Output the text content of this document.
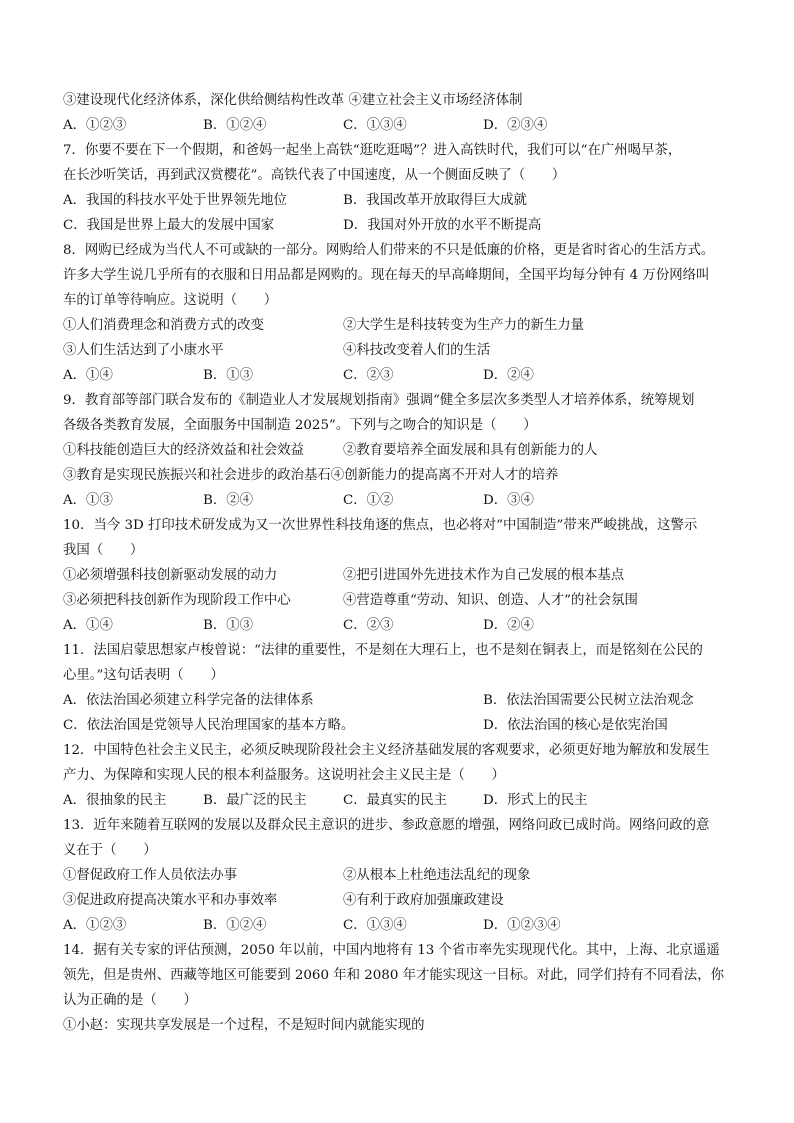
③建设现代化经济体系，深化供给侧结构性改革 ④建立社会主义市场经济体制
A．①②③	B．①②④	C．①③④	D．②③④
7．你要不要在下一个假期，和爸妈一起坐上高铁“逛吃逛喝”？进入高铁时代，我们可以“在广州喝早茶，
在长沙听笑话，再到武汉赏樱花”。高铁代表了中国速度，从一个侧面反映了（　　）
A．我国的科技水平处于世界领先地位	B．我国改革开放取得巨大成就
C．我国是世界上最大的发展中国家	D．我国对外开放的水平不断提高
8．网购已经成为当代人不可或缺的一部分。网购给人们带来的不只是低廉的价格，更是省时省心的生活方式。
许多大学生说几乎所有的衣服和日用品都是网购的。现在每天的早高峰期间，全国平均每分钟有 4 万份网络叫
车的订单等待响应。这说明（　　）
①人们消费理念和消费方式的改变	②大学生是科技转变为生产力的新生力量
③人们生活达到了小康水平	④科技改变着人们的生活
A．①④	B．①③	C．②③	D．②④
9．教育部等部门联合发布的《制造业人才发展规划指南》强调“健全多层次多类型人才培养体系，统筹规划
各级各类教育发展，全面服务中国制造 2025”。下列与之吻合的知识是（　　）
①科技能创造巨大的经济效益和社会效益	②教育要培养全面发展和具有创新能力的人
③教育是实现民族振兴和社会进步的政治基石④创新能力的提高离不开对人才的培养
A．①③	B．②④	C．①②	D．③④
10．当今 3D 打印技术研发成为又一次世界性科技角逐的焦点，也必将对“中国制造”带来严峻挑战，这警示
我国（　　）
①必须增强科技创新驱动发展的动力	②把引进国外先进技术作为自己发展的根本基点
③必须把科技创新作为现阶段工作中心	④营造尊重“劳动、知识、创造、人才”的社会氛围
A．①④	B．①③	C．②③	D．②④
11．法国启蒙思想家卢梭曾说：“法律的重要性，不是刻在大理石上，也不是刻在铜表上，而是铭刻在公民的
心里。”这句话表明（　　）
A．依法治国必须建立科学完备的法律体系	B．依法治国需要公民树立法治观念
C．依法治国是党领导人民治理国家的基本方略。	D．依法治国的核心是依宪治国
12．中国特色社会主义民主，必须反映现阶段社会主义经济基础发展的客观要求，必须更好地为解放和发展生
产力、为保障和实现人民的根本利益服务。这说明社会主义民主是（　　）
A．很抽象的民主	B．最广泛的民主	C．最真实的民主	D．形式上的民主
13．近年来随着互联网的发展以及群众民主意识的进步、参政意愿的增强，网络问政已成时尚。网络问政的意
义在于（　　）
①督促政府工作人员依法办事	②从根本上杜绝违法乱纪的现象
③促进政府提高决策水平和办事效率	④有利于政府加强廉政建设
A．①②③	B．①②④	C．①③④	D．①②③④
14．据有关专家的评估预测，2050 年以前，中国内地将有 13 个省市率先实现现代化。其中，上海、北京遥遥
领先，但是贵州、西藏等地区可能要到 2060 年和 2080 年才能实现这一目标。对此，同学们持有不同看法，你
认为正确的是（　　）
①小赵：实现共享发展是一个过程，不是短时间内就能实现的
